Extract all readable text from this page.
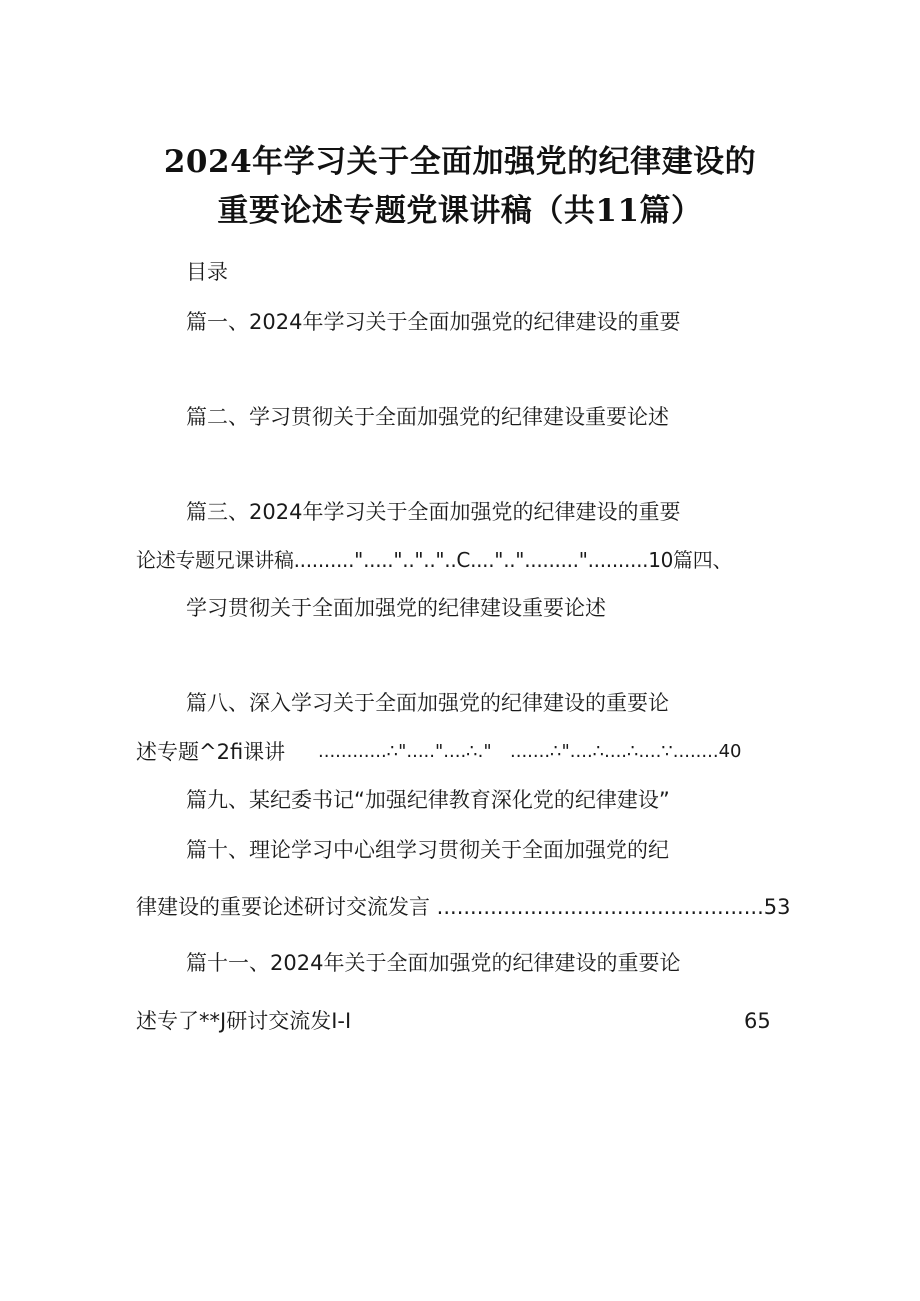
2024年学习关于全面加强党的纪律建设的
重要论述专题党课讲稿（共11篇）
目录
篇一、2024年学习关于全面加强党的纪律建设的重要
篇二、学习贯彻关于全面加强党的纪律建设重要论述
篇三、2024年学习关于全面加强党的纪律建设的重要
论述专题兄课讲稿.........."....."..".."..C....".."........."..........10篇四、
学习贯彻关于全面加强党的纪律建设重要论述
篇八、深入学习关于全面加强党的纪律建设的重要论
述专题^2fi课讲 ............∴"....."....∴." .......∴"....∴....∴....∵........40
篇九、某纪委书记“加强纪律教育深化党的纪律建设”
篇十、理论学习中心组学习贯彻关于全面加强党的纪
律建设的重要论述研讨交流发言 .................................................53
篇十一、2024年关于全面加强党的纪律建设的重要论
述专了**J研讨交流发I-I	65
